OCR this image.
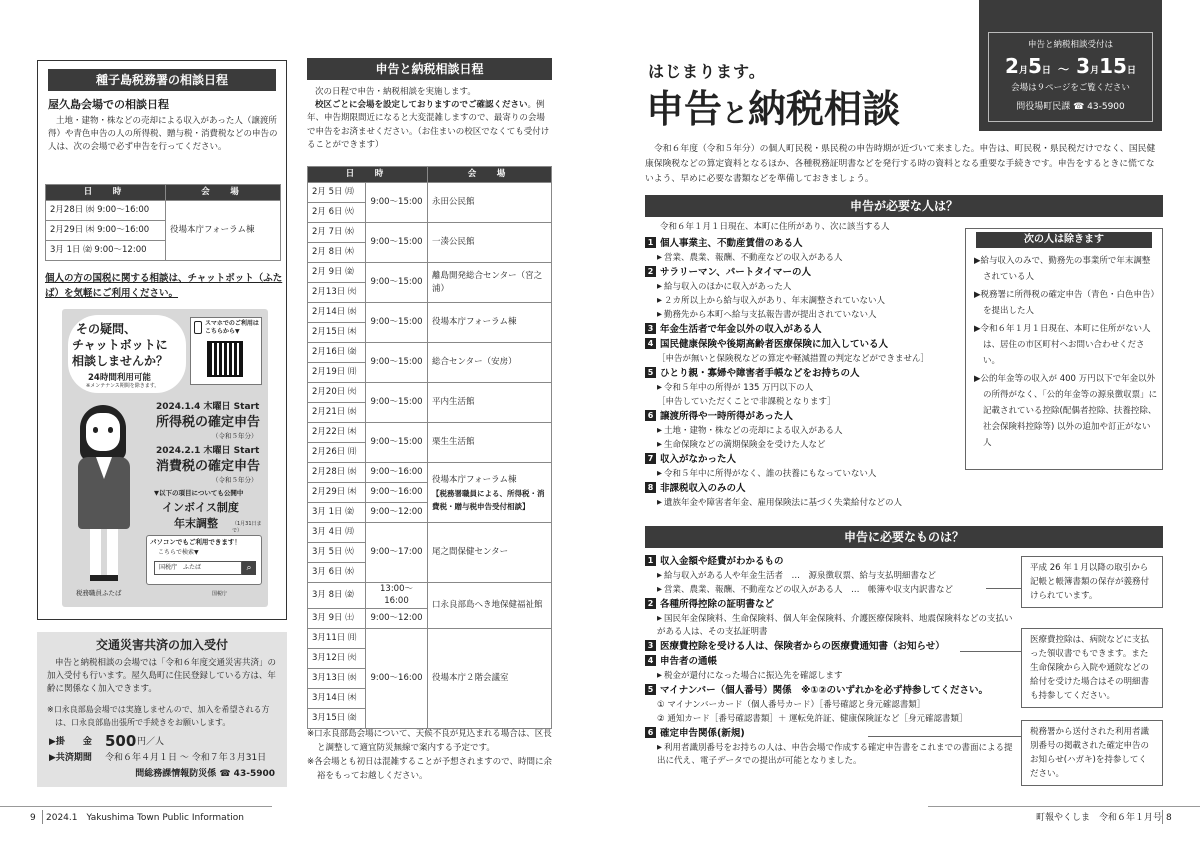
種子島税務署の相談日程
屋久島会場での相談日程
土地・建物・株などの売却による収入があった人（譲渡所得）や青色申告の人の所得税、贈与税・消費税などの申告の人は、次の会場で必ず申告を行ってください。
日　時	会　場
2月28日 ㈬ 9:00～16:00	役場本庁フォーラム棟
2月29日 ㈭ 9:00～16:00	
3月 1日 ㈮ 9:00～12:00	
個人の方の国税に関する相談は、チャットボット（ふたば）を気軽にご利用ください。
その疑問、
チャットボットに
相談しませんか？
24時間利用可能
※メンテナンス期間を除きます。
スマホでのご利用は こちらから▼
2024.1.4 木曜日 Start
所得税の確定申告
（令和５年分）
2024.2.1 木曜日 Start
消費税の確定申告
（令和５年分）
▼以下の項目についても公開中
インボイス制度
年末調整	（1月31日まで）
パソコンでもご利用できます！
こちらで検索▼
国税庁　ふたば	⌕
国税庁
税務職員ふたば
交通災害共済の加入受付
申告と納税相談の会場では「令和６年度交通災害共済」の加入受付も行います。屋久島町に住民登録している方は、年齢に関係なく加入できます。
※口永良部島会場では実施しませんので、加入を希望される方は、口永良部島出張所で手続きをお願いします。
▶掛　　金 500 円／人
▶共済期間 令和６年４月１日 ～ 令和７年３月31日
問総務課情報防災係 ☎ 43-5900
申告と納税相談日程
次の日程で申告・納税相談を実施します。
校区ごとに会場を設定しておりますのでご確認ください。例年、申告期限間近になると大変混雑しますので、最寄りの会場で申告をお済ませください。（お住まいの校区でなくても受付けることができます）
日　時		会　場
2月 5日 ㈪	9:00～15:00	永田公民館
2月 6日 ㈫		
2月 7日 ㈬	9:00～15:00	一湊公民館
2月 8日 ㈭		
2月 9日 ㈮	9:00～15:00	離島開発総合センター（宮之浦）
2月13日 ㈫		
2月14日 ㈬	9:00～15:00	役場本庁フォーラム棟
2月15日 ㈭		
2月16日 ㈮	9:00～15:00	総合センター（安房）
2月19日 ㈪		
2月20日 ㈫	9:00～15:00	平内生活館
2月21日 ㈬		
2月22日 ㈭	9:00～15:00	栗生生活館
2月26日 ㈪		
2月28日 ㈬	9:00～16:00	役場本庁フォーラム棟
【税務署職員による、所得税・消費税・贈与税申告受付相談】

2月29日 ㈭	9:00～16:00	
3月 1日 ㈮	9:00～12:00	
3月 4日 ㈪	9:00～17:00	尾之間保健センター
3月 5日 ㈫		
3月 6日 ㈬		
3月 8日 ㈮	13:00～16:00	口永良部島へき地保健福祉館
3月 9日 ㈯	9:00～12:00	
3月11日 ㈪	9:00～16:00	役場本庁２階会議室
3月12日 ㈫		
3月13日 ㈬		
3月14日 ㈭		
3月15日 ㈮		
※口永良部島会場について、天候不良が見込まれる場合は、区長と調整して適宜防災無線で案内する予定です。
※各会場とも初日は混雑することが予想されますので、時間に余裕をもってお越しください。
はじまります。
申告と納税相談
申告と納税相談受付は
2月5日 ～ 3月15日
会場は９ページをご覧ください
問役場町民課 ☎ 43-5900
令和６年度（令和５年分）の個人町民税・県民税の申告時期が近づいて来ました。申告は、町民税・県民税だけでなく、国民健康保険税などの算定資料となるほか、各種税務証明書などを発行する時の資料となる重要な手続きです。申告をするときに慌てないよう、早めに必要な書類などを準備しておきましょう。
申告が必要な人は？
令和６年１月１日現在、本町に住所があり、次に該当する人
1 個人事業主、不動産賃借のある人
▶ 営業、農業、報酬、不動産などの収入がある人
2 サラリーマン、パートタイマーの人
▶ 給与収入のほかに収入があった人
▶ ２カ所以上から給与収入があり、年末調整されていない人
▶ 勤務先から本町へ給与支払報告書が提出されていない人
3 年金生活者で年金以外の収入がある人
4 国民健康保険や後期高齢者医療保険に加入している人
［申告が無いと保険税などの算定や軽減措置の判定などができません］
5 ひとり親・寡婦や障害者手帳などをお持ちの人
▶ 令和５年中の所得が 135 万円以下の人
［申告していただくことで非課税となります］
6 譲渡所得や一時所得があった人
▶ 土地・建物・株などの売却による収入がある人
▶ 生命保険などの満期保険金を受けた人など
7 収入がなかった人
▶ 令和５年中に所得がなく、誰の扶養にもなっていない人
8 非課税収入のみの人
▶ 遺族年金や障害者年金、雇用保険法に基づく失業給付などの人
次の人は除きます
▶給与収入のみで、勤務先の事業所で年末調整されている人
▶税務署に所得税の確定申告（青色・白色申告）を提出した人
▶令和６年１月１日現在、本町に住所がない人は、居住の市区町村へお問い合わせください。
▶公的年金等の収入が 400 万円以下で年金以外の所得がなく、「公的年金等の源泉徴収票」に記載されている控除(配偶者控除、扶養控除、社会保険料控除等) 以外の追加や訂正がない人
申告に必要なものは？
1 収入金額や経費がわかるもの
▶ 給与収入がある人や年金生活者　…　源泉徴収票、給与支払明細書など
▶ 営業、農業、報酬、不動産などの収入がある人　…　帳簿や収支内訳書など
2 各種所得控除の証明書など
▶ 国民年金保険料、生命保険料、個人年金保険料、介護医療保険料、地震保険料などの支払いがある人は、その支払証明書
3 医療費控除を受ける人は、保険者からの医療費通知書（お知らせ）
4 申告者の通帳
▶ 税金が還付になった場合に振込先を確認します
5 マイナンバー（個人番号）関係　※①②のいずれかを必ず持参してください。
① マイナンバーカード（個人番号カード）［番号確認と身元確認書類］
② 通知カード［番号確認書類］＋ 運転免許証、健康保険証など［身元確認書類］
6 確定申告関係(新規)
▶ 利用者識別番号をお持ちの人は、申告会場で作成する確定申告書をこれまでの書面による提出に代え、電子データでの提出が可能となりました。
平成 26 年１月以降の取引から記帳と帳簿書類の保存が義務付けられています。
医療費控除は、病院などに支払った領収書でもできます。また生命保険から入院や通院などの給付を受けた場合はその明細書も持参してください。
税務署から送付された利用者識別番号の掲載された確定申告のお知らせ(ハガキ)を持参してください。
9 2024.1　Yakushima Town Public Information	町報やくしま　令和６年１月号 8
